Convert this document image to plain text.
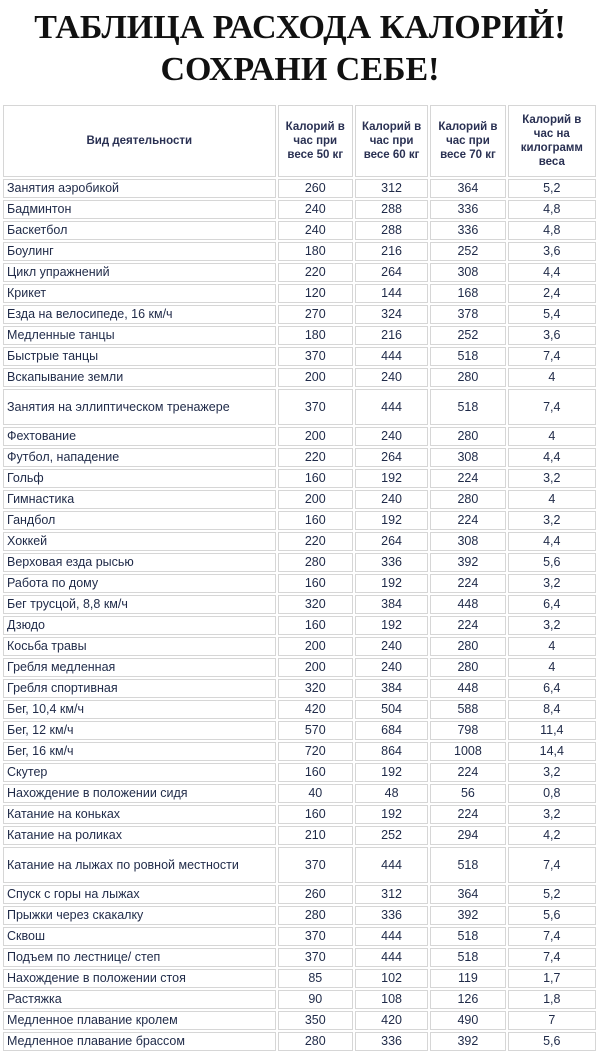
ТАБЛИЦА РАСХОДА КАЛОРИЙ!
СОХРАНИ СЕБЕ!
Вид деятельности	Калорий в час при весе 50 кг	Калорий в час при весе 60 кг	Калорий в час при весе 70 кг	Калорий в час на килограмм веса
Занятия аэробикой	260	312	364	5,2
Бадминтон	240	288	336	4,8
Баскетбол	240	288	336	4,8
Боулинг	180	216	252	3,6
Цикл упражнений	220	264	308	4,4
Крикет	120	144	168	2,4
Езда на велосипеде, 16 км/ч	270	324	378	5,4
Медленные танцы	180	216	252	3,6
Быстрые танцы	370	444	518	7,4
Вскапывание земли	200	240	280	4
Занятия на эллиптическом тренажере	370	444	518	7,4
Фехтование	200	240	280	4
Футбол, нападение	220	264	308	4,4
Гольф	160	192	224	3,2
Гимнастика	200	240	280	4
Гандбол	160	192	224	3,2
Хоккей	220	264	308	4,4
Верховая езда рысью	280	336	392	5,6
Работа по дому	160	192	224	3,2
Бег трусцой, 8,8 км/ч	320	384	448	6,4
Дзюдо	160	192	224	3,2
Косьба травы	200	240	280	4
Гребля медленная	200	240	280	4
Гребля спортивная	320	384	448	6,4
Бег, 10,4 км/ч	420	504	588	8,4
Бег, 12 км/ч	570	684	798	11,4
Бег, 16 км/ч	720	864	1008	14,4
Скутер	160	192	224	3,2
Нахождение в положении сидя	40	48	56	0,8
Катание на коньках	160	192	224	3,2
Катание на роликах	210	252	294	4,2
Катание на лыжах по ровной местности	370	444	518	7,4
Спуск с горы на лыжах	260	312	364	5,2
Прыжки через скакалку	280	336	392	5,6
Сквош	370	444	518	7,4
Подъем по лестнице/ степ	370	444	518	7,4
Нахождение в положении стоя	85	102	119	1,7
Растяжка	90	108	126	1,8
Медленное плавание кролем	350	420	490	7
Медленное плавание брассом	280	336	392	5,6
